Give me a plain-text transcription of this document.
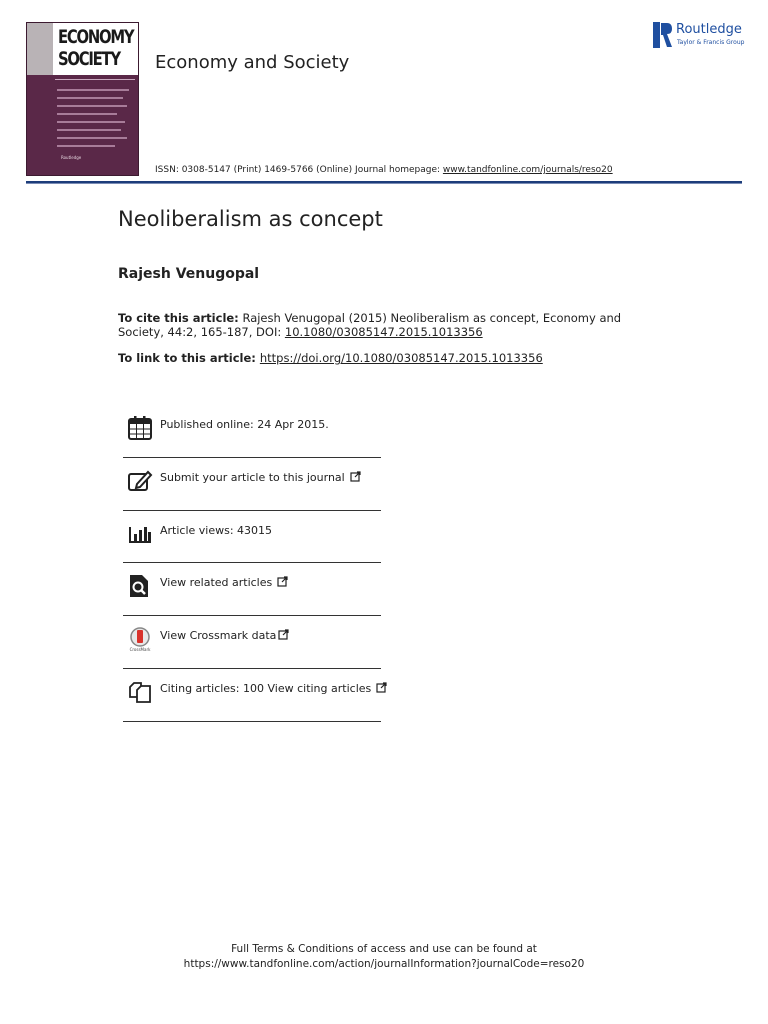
ECONOMY
SOCIETY
Routledge
Economy and Society
Routledge
Taylor & Francis Group
ISSN: 0308-5147 (Print) 1469-5766 (Online) Journal homepage: www.tandfonline.com/journals/reso20
Neoliberalism as concept
Rajesh Venugopal
To cite this article: Rajesh Venugopal (2015) Neoliberalism as concept, Economy and Society, 44:2, 165-187, DOI: 10.1080/03085147.2015.1013356
To link to this article: https://doi.org/10.1080/03085147.2015.1013356
Published online: 24 Apr 2015.
Submit your article to this journal
Article views: 43015
View related articles
CrossMark
View Crossmark data
Citing articles: 100 View citing articles
Full Terms & Conditions of access and use can be found at
https://www.tandfonline.com/action/journalInformation?journalCode=reso20
